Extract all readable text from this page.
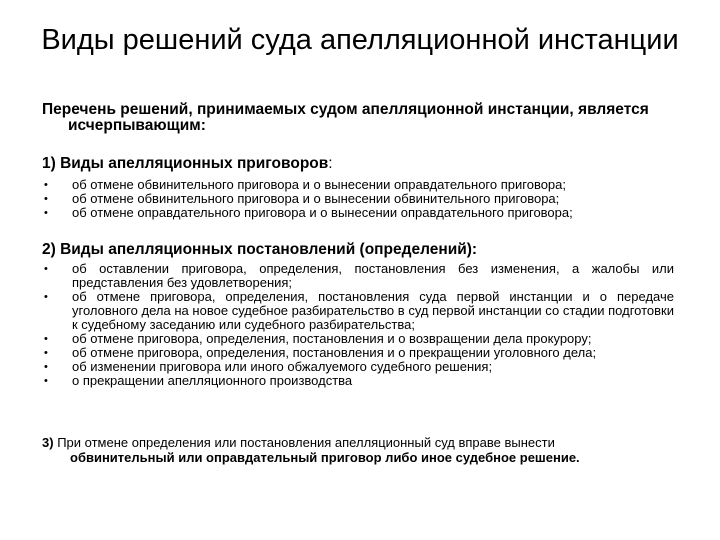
Виды решений суда апелляционной инстанции
Перечень решений, принимаемых судом апелляционной инстанции, является
исчерпывающим:
1) Виды апелляционных приговоров:
• об отмене обвинительного приговора и о вынесении оправдательного приговора;
• об отмене обвинительного приговора и о вынесении обвинительного приговора;
• об отмене оправдательного приговора и о вынесении оправдательного приговора;
2) Виды апелляционных постановлений (определений):
• об оставлении приговора, определения, постановления без изменения, а жалобы или представления без удовлетворения;
• об отмене приговора, определения, постановления суда первой инстанции и о передаче уголовного дела на новое судебное разбирательство в суд первой инстанции со стадии подготовки к судебному заседанию или судебного разбирательства;
• об отмене приговора, определения, постановления и о возвращении дела прокурору;
• об отмене приговора, определения, постановления и о прекращении уголовного дела;
• об изменении приговора или иного обжалуемого судебного решения;
• о прекращении апелляционного производства
3) При отмене определения или постановления апелляционный суд вправе вынести
обвинительный или оправдательный приговор либо иное судебное решение.
